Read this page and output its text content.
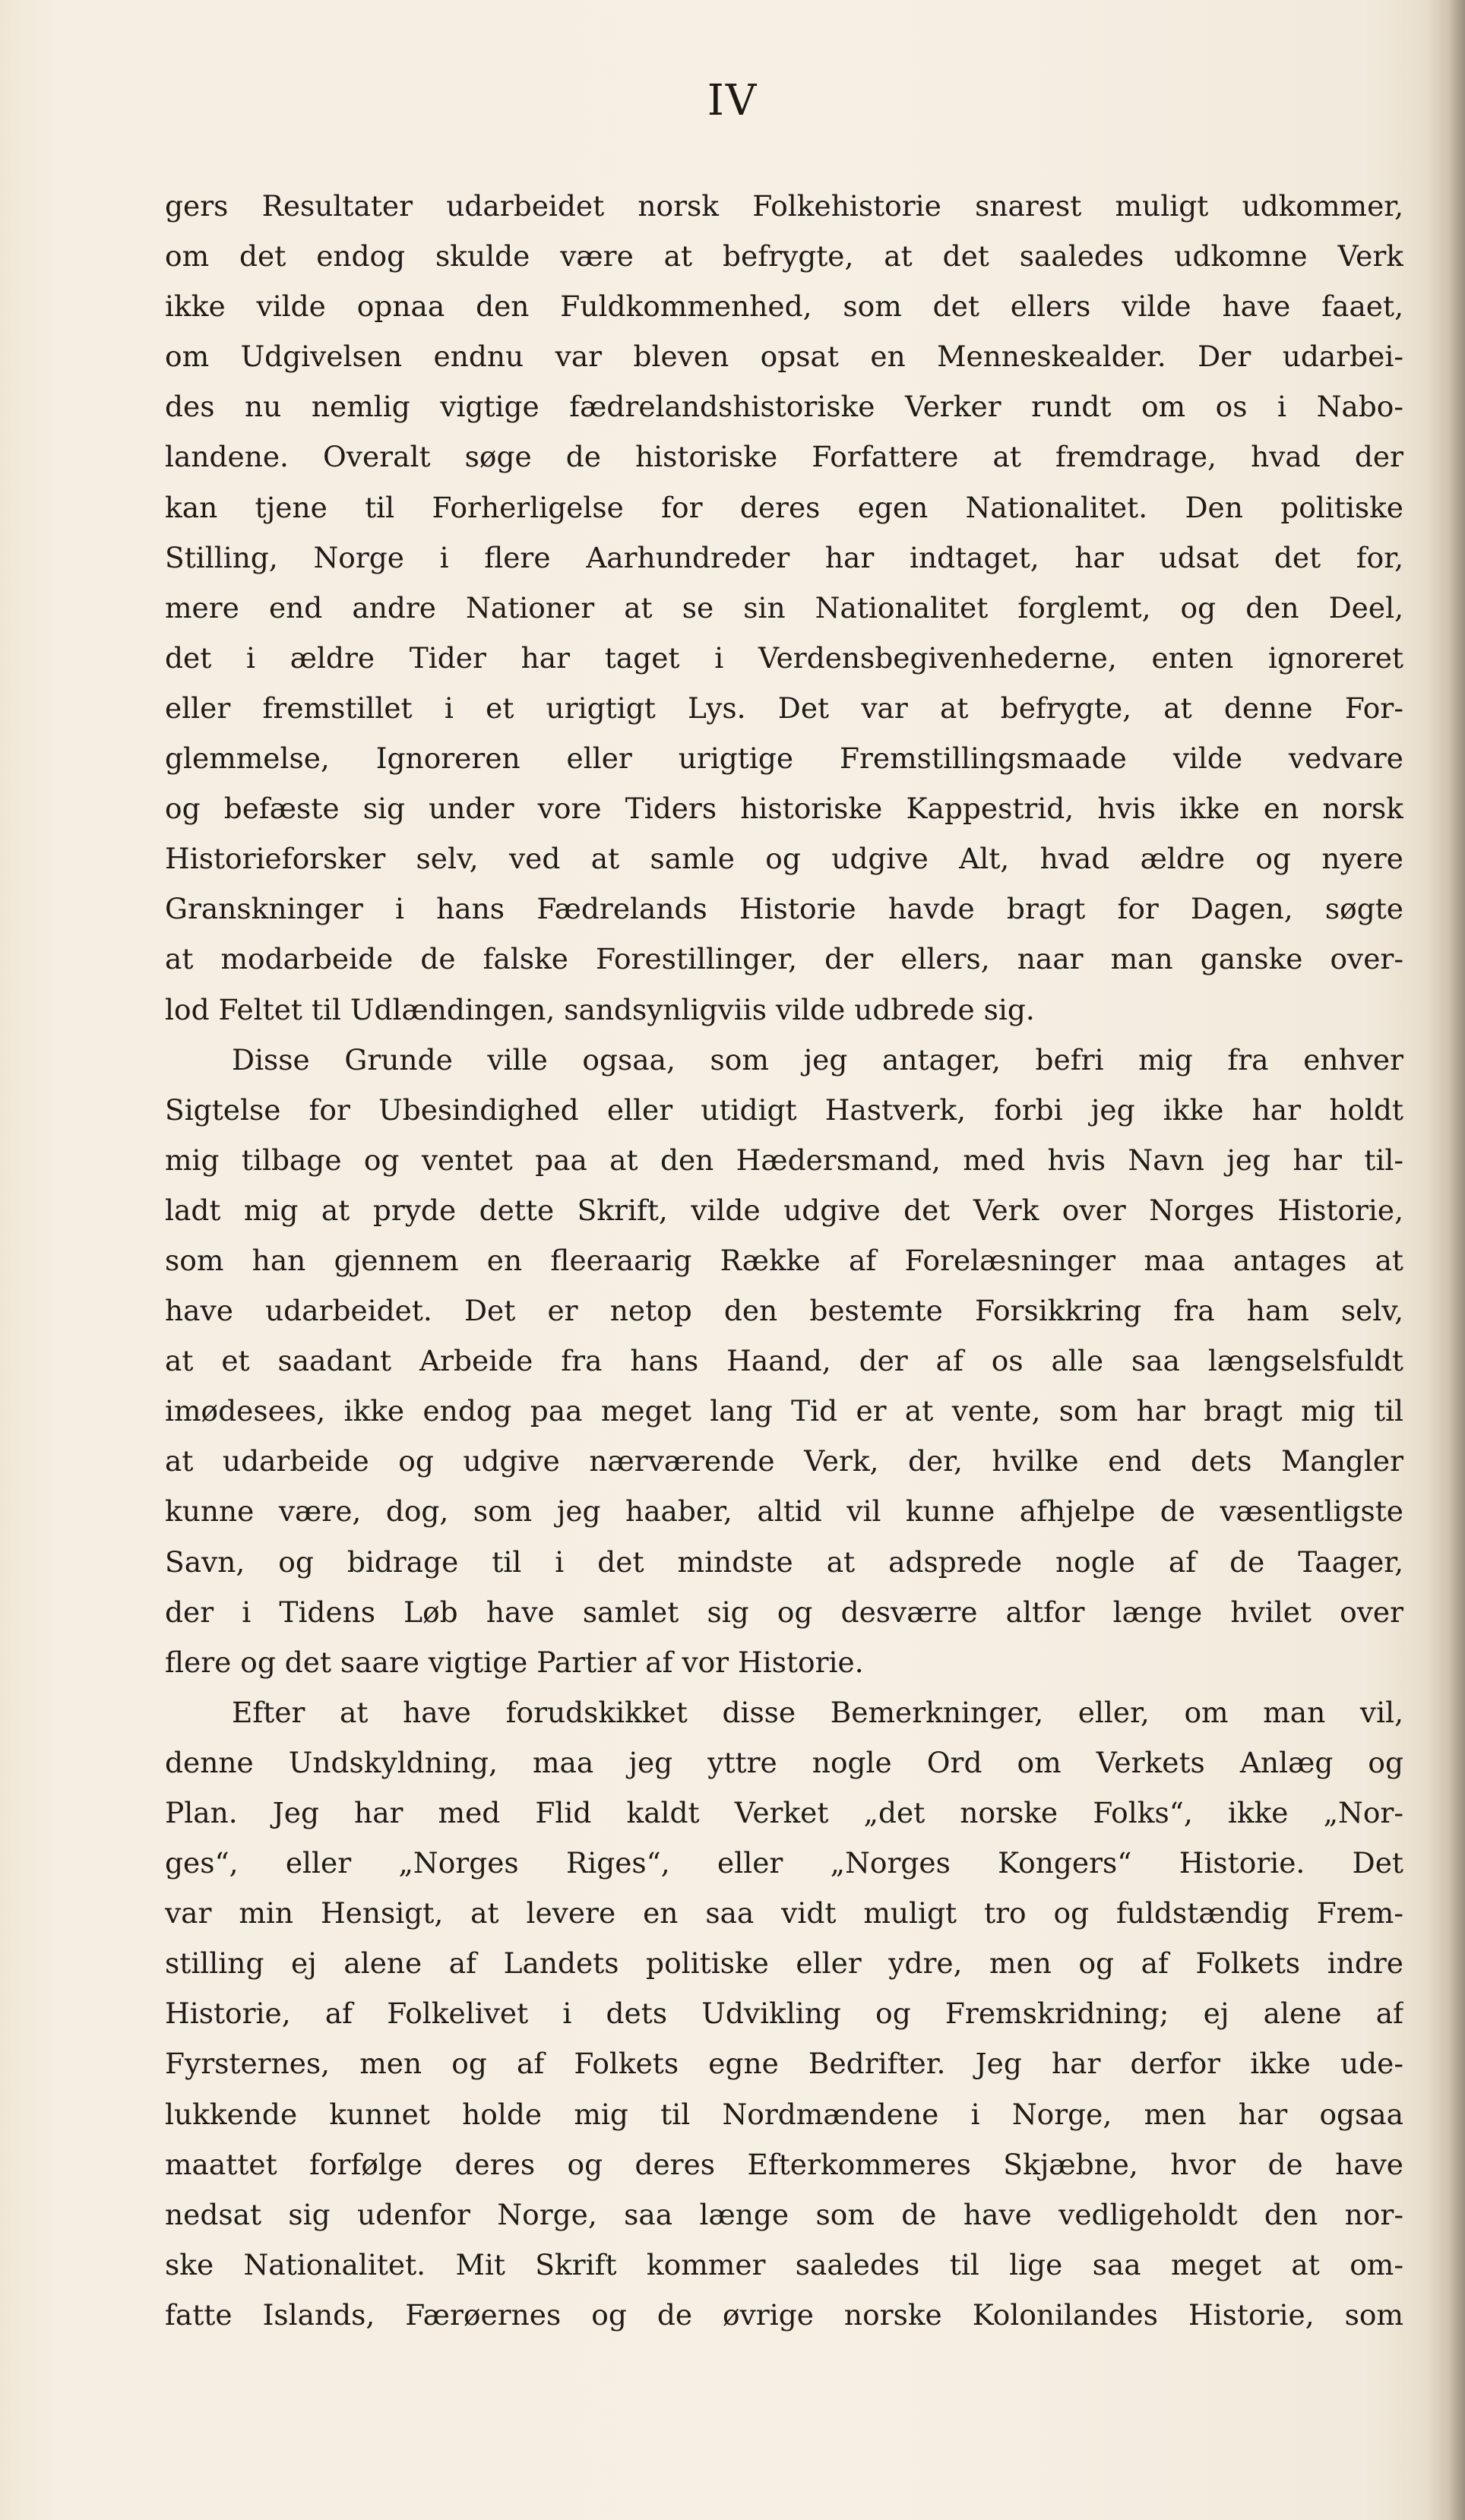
IV
gers Resultater udarbeidet norsk Folkehistorie snarest muligt udkommer,
om det endog skulde være at befrygte, at det saaledes udkomne Verk
ikke vilde opnaa den Fuldkommenhed, som det ellers vilde have faaet,
om Udgivelsen endnu var bleven opsat en Menneskealder. Der udarbei-
des nu nemlig vigtige fædrelandshistoriske Verker rundt om os i Nabo-
landene. Overalt søge de historiske Forfattere at fremdrage, hvad der
kan tjene til Forherligelse for deres egen Nationalitet. Den politiske
Stilling, Norge i flere Aarhundreder har indtaget, har udsat det for,
mere end andre Nationer at se sin Nationalitet forglemt, og den Deel,
det i ældre Tider har taget i Verdensbegivenhederne, enten ignoreret
eller fremstillet i et urigtigt Lys. Det var at befrygte, at denne For-
glemmelse, Ignoreren eller urigtige Fremstillingsmaade vilde vedvare
og befæste sig under vore Tiders historiske Kappestrid, hvis ikke en norsk
Historieforsker selv, ved at samle og udgive Alt, hvad ældre og nyere
Granskninger i hans Fædrelands Historie havde bragt for Dagen, søgte
at modarbeide de falske Forestillinger, der ellers, naar man ganske over-
lod Feltet til Udlændingen, sandsynligviis vilde udbrede sig.
Disse Grunde ville ogsaa, som jeg antager, befri mig fra enhver
Sigtelse for Ubesindighed eller utidigt Hastverk, forbi jeg ikke har holdt
mig tilbage og ventet paa at den Hædersmand, med hvis Navn jeg har til-
ladt mig at pryde dette Skrift, vilde udgive det Verk over Norges Historie,
som han gjennem en fleeraarig Række af Forelæsninger maa antages at
have udarbeidet. Det er netop den bestemte Forsikkring fra ham selv,
at et saadant Arbeide fra hans Haand, der af os alle saa længselsfuldt
imødesees, ikke endog paa meget lang Tid er at vente, som har bragt mig til
at udarbeide og udgive nærværende Verk, der, hvilke end dets Mangler
kunne være, dog, som jeg haaber, altid vil kunne afhjelpe de væsentligste
Savn, og bidrage til i det mindste at adsprede nogle af de Taager,
der i Tidens Løb have samlet sig og desværre altfor længe hvilet over
flere og det saare vigtige Partier af vor Historie.
Efter at have forudskikket disse Bemerkninger, eller, om man vil,
denne Undskyldning, maa jeg yttre nogle Ord om Verkets Anlæg og
Plan. Jeg har med Flid kaldt Verket „det norske Folks“, ikke „Nor-
ges“, eller „Norges Riges“, eller „Norges Kongers“ Historie. Det
var min Hensigt, at levere en saa vidt muligt tro og fuldstændig Frem-
stilling ej alene af Landets politiske eller ydre, men og af Folkets indre
Historie, af Folkelivet i dets Udvikling og Fremskridning; ej alene af
Fyrsternes, men og af Folkets egne Bedrifter. Jeg har derfor ikke ude-
lukkende kunnet holde mig til Nordmændene i Norge, men har ogsaa
maattet forfølge deres og deres Efterkommeres Skjæbne, hvor de have
nedsat sig udenfor Norge, saa længe som de have vedligeholdt den nor-
ske Nationalitet. Mit Skrift kommer saaledes til lige saa meget at om-
fatte Islands, Færøernes og de øvrige norske Kolonilandes Historie, som
